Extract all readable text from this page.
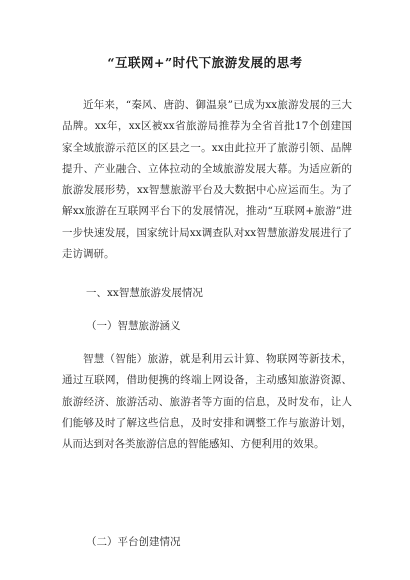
“互联网+”时代下旅游发展的思考

近年来，“秦风、唐韵、御温泉”已成为xx旅游发展的三大品牌。xx年，xx区被xx省旅游局推荐为全省首批17个创建国家全域旅游示范区的区县之一。xx由此拉开了旅游引领、品牌提升、产业融合、立体拉动的全域旅游发展大幕。为适应新的旅游发展形势，xx智慧旅游平台及大数据中心应运而生。为了解xx旅游在互联网平台下的发展情况，推动“互联网+旅游”进一步快速发展，国家统计局xx调查队对xx智慧旅游发展进行了走访调研。

一、xx智慧旅游发展情况
（一）智慧旅游涵义

智慧（智能）旅游，就是利用云计算、物联网等新技术，通过互联网，借助便携的终端上网设备，主动感知旅游资源、旅游经济、旅游活动、旅游者等方面的信息，及时发布，让人们能够及时了解这些信息，及时安排和调整工作与旅游计划，从而达到对各类旅游信息的智能感知、方便利用的效果。

（二）平台创建情况
